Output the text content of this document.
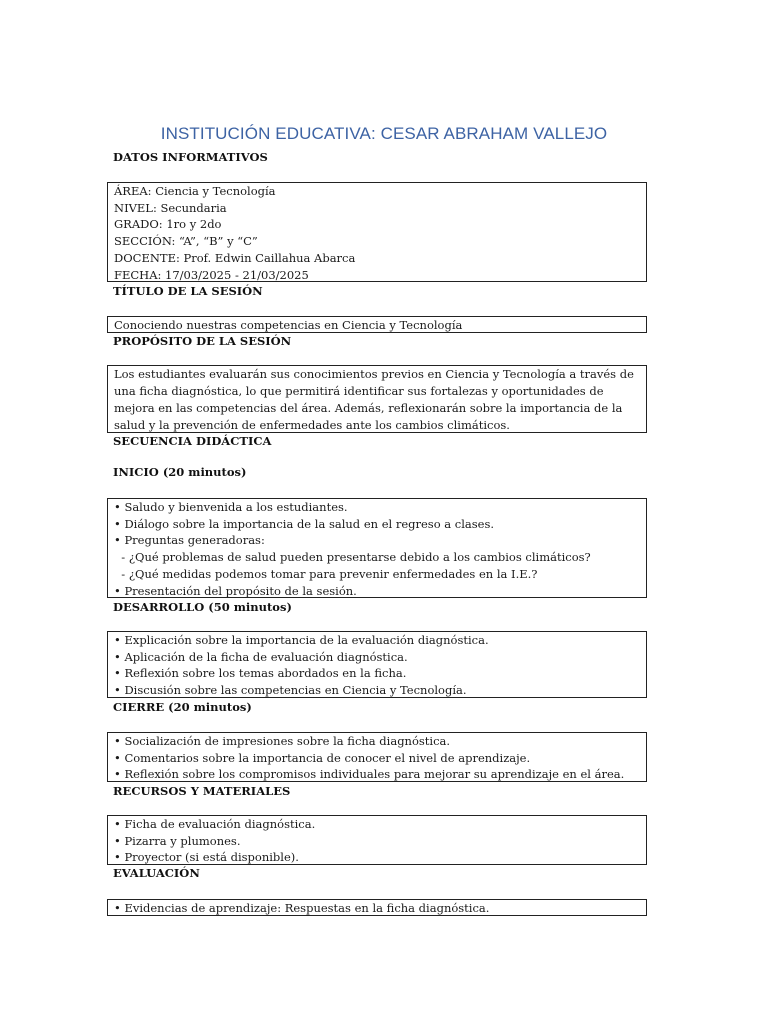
INSTITUCIÓN EDUCATIVA: CESAR ABRAHAM VALLEJO
DATOS INFORMATIVOS
ÁREA: Ciencia y Tecnología
NIVEL: Secundaria
GRADO: 1ro y 2do
SECCIÓN: “A”, “B” y “C”
DOCENTE: Prof. Edwin Caillahua Abarca
FECHA: 17/03/2025 - 21/03/2025
TÍTULO DE LA SESIÓN
Conociendo nuestras competencias en Ciencia y Tecnología
PROPÓSITO DE LA SESIÓN
Los estudiantes evaluarán sus conocimientos previos en Ciencia y Tecnología a través de una ficha diagnóstica, lo que permitirá identificar sus fortalezas y oportunidades de mejora en las competencias del área. Además, reflexionarán sobre la importancia de la salud y la prevención de enfermedades ante los cambios climáticos.
SECUENCIA DIDÁCTICA
INICIO (20 minutos)
• Saludo y bienvenida a los estudiantes.
• Diálogo sobre la importancia de la salud en el regreso a clases.
• Preguntas generadoras:
- ¿Qué problemas de salud pueden presentarse debido a los cambios climáticos?
- ¿Qué medidas podemos tomar para prevenir enfermedades en la I.E.?
• Presentación del propósito de la sesión.
DESARROLLO (50 minutos)
• Explicación sobre la importancia de la evaluación diagnóstica.
• Aplicación de la ficha de evaluación diagnóstica.
• Reflexión sobre los temas abordados en la ficha.
• Discusión sobre las competencias en Ciencia y Tecnología.
CIERRE (20 minutos)
• Socialización de impresiones sobre la ficha diagnóstica.
• Comentarios sobre la importancia de conocer el nivel de aprendizaje.
• Reflexión sobre los compromisos individuales para mejorar su aprendizaje en el área.
RECURSOS Y MATERIALES
• Ficha de evaluación diagnóstica.
• Pizarra y plumones.
• Proyector (si está disponible).
EVALUACIÓN
• Evidencias de aprendizaje: Respuestas en la ficha diagnóstica.
